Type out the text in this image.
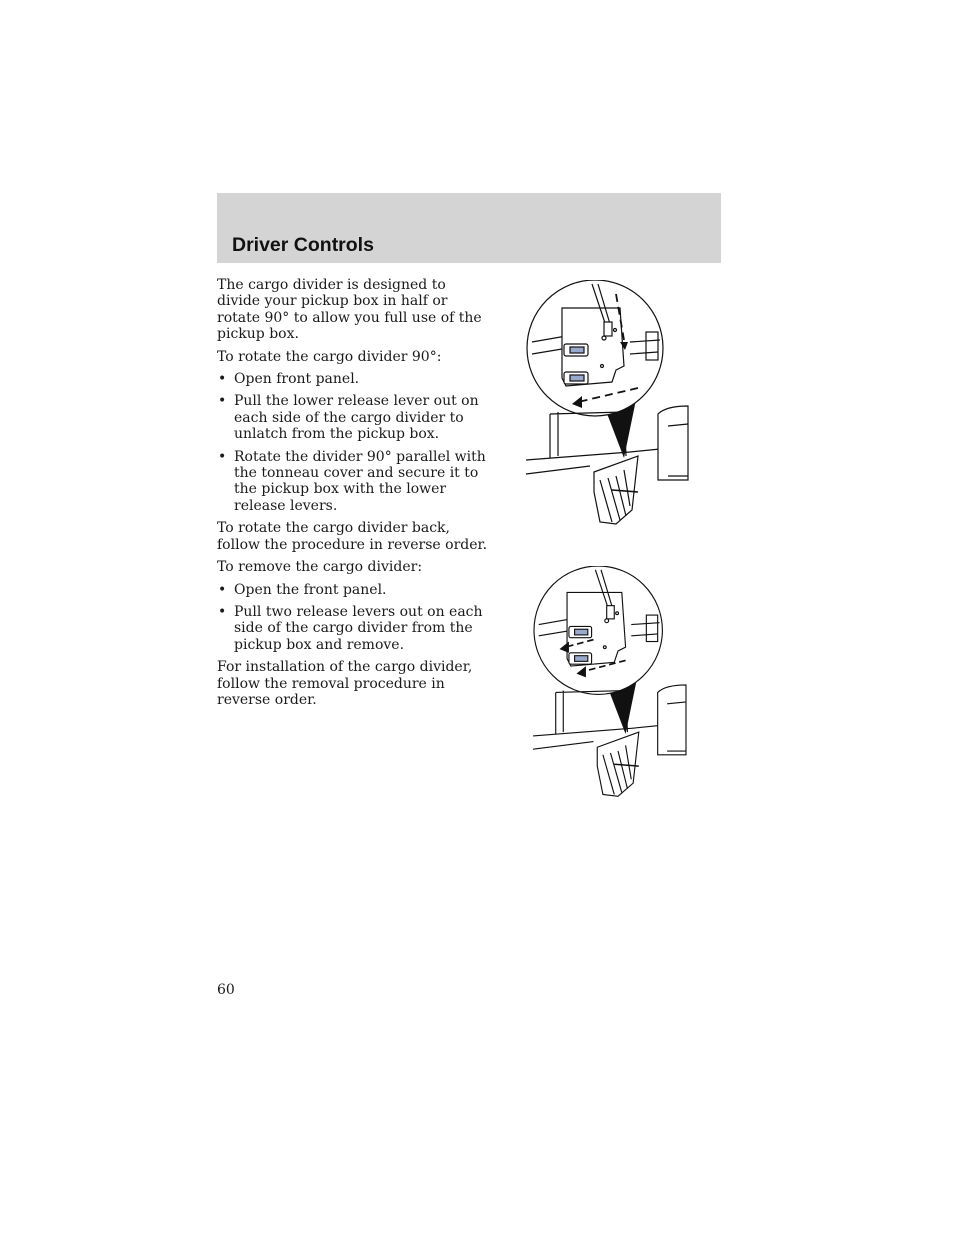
Driver Controls

The cargo divider is designed to divide your pickup box in half or rotate 90° to allow you full use of the pickup box.

To rotate the cargo divider 90°:

• Open front panel.
• Pull the lower release lever out on each side of the cargo divider to unlatch from the pickup box.
• Rotate the divider 90° parallel with the tonneau cover and secure it to the pickup box with the lower release levers.

To rotate the cargo divider back, follow the procedure in reverse order.

To remove the cargo divider:

• Open the front panel.
• Pull two release levers out on each side of the cargo divider from the pickup box and remove.

For installation of the cargo divider, follow the removal procedure in reverse order.

60
